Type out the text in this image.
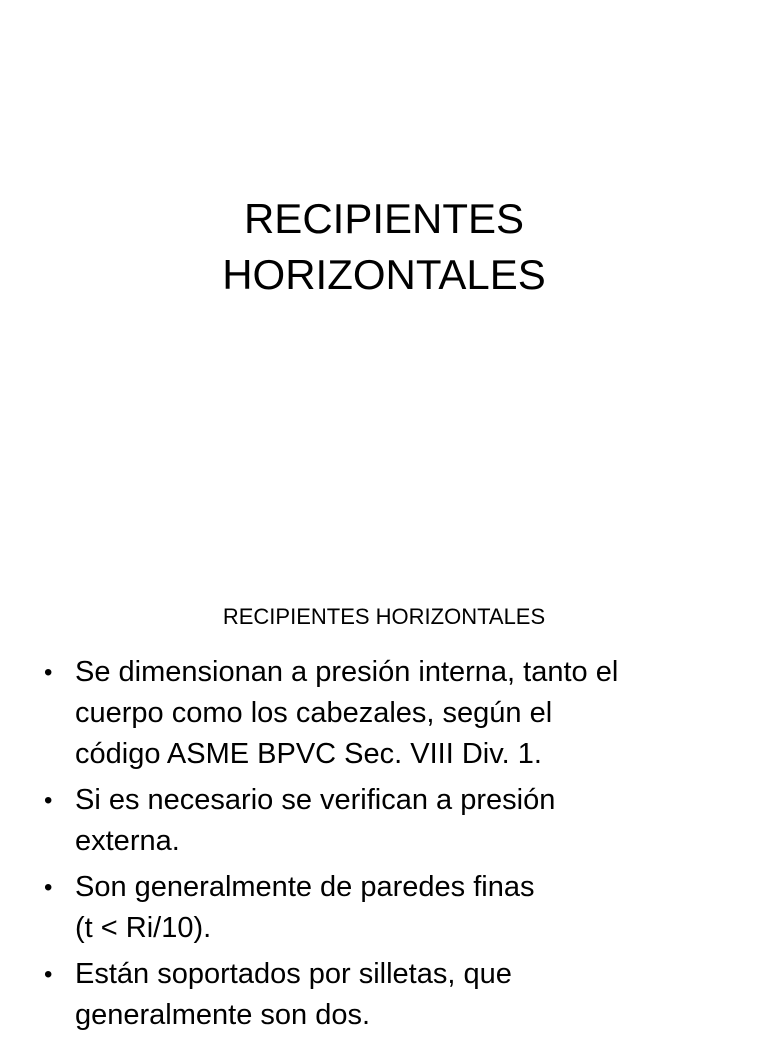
RECIPIENTES
HORIZONTALES
RECIPIENTES HORIZONTALES
• Se dimensionan a presión interna, tanto el
cuerpo como los cabezales, según el
código ASME BPVC Sec. VIII Div. 1.
• Si es necesario se verifican a presión
externa.
• Son generalmente de paredes finas
(t < Ri/10).
• Están soportados por silletas, que
generalmente son dos.
